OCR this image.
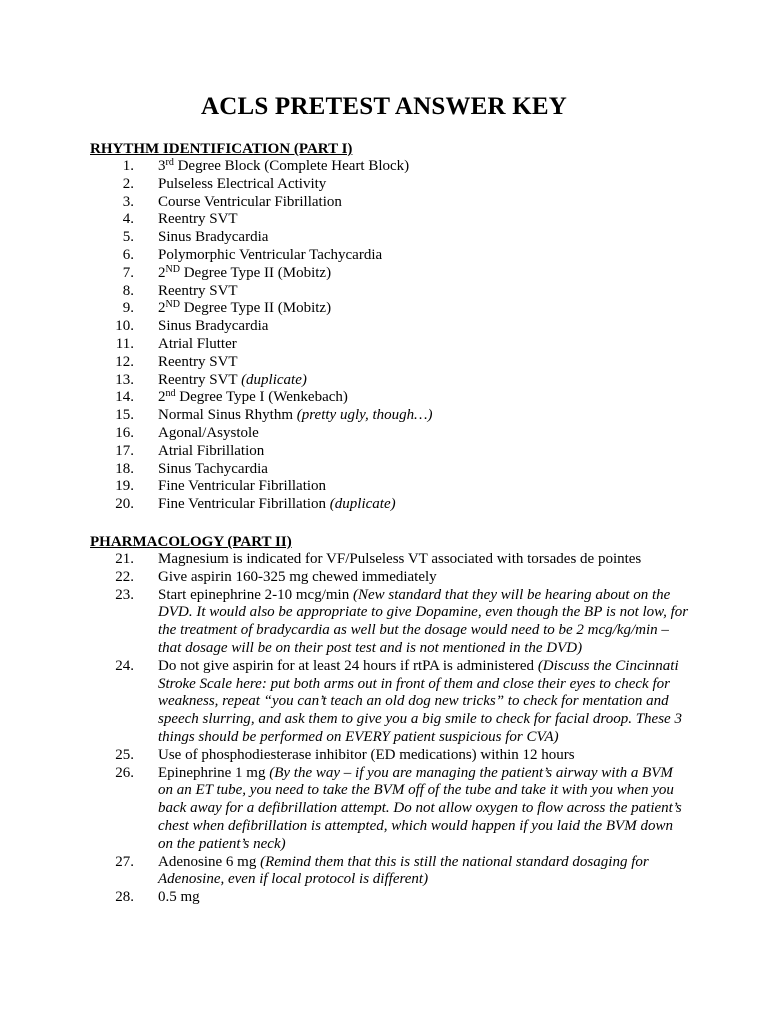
ACLS PRETEST ANSWER KEY
RHYTHM IDENTIFICATION (PART I)
1. 3rd Degree Block (Complete Heart Block)
2. Pulseless Electrical Activity
3. Course Ventricular Fibrillation
4. Reentry SVT
5. Sinus Bradycardia
6. Polymorphic Ventricular Tachycardia
7. 2ND Degree Type II (Mobitz)
8. Reentry SVT
9. 2ND Degree Type II (Mobitz)
10. Sinus Bradycardia
11. Atrial Flutter
12. Reentry SVT
13. Reentry SVT (duplicate)
14. 2nd Degree Type I (Wenkebach)
15. Normal Sinus Rhythm (pretty ugly, though…)
16. Agonal/Asystole
17. Atrial Fibrillation
18. Sinus Tachycardia
19. Fine Ventricular Fibrillation
20. Fine Ventricular Fibrillation (duplicate)
PHARMACOLOGY (PART II)
21. Magnesium is indicated for VF/Pulseless VT associated with torsades de pointes
22. Give aspirin 160-325 mg chewed immediately
23. Start epinephrine 2-10 mcg/min (New standard that they will be hearing about on the DVD. It would also be appropriate to give Dopamine, even though the BP is not low, for the treatment of bradycardia as well but the dosage would need to be 2 mcg/kg/min – that dosage will be on their post test and is not mentioned in the DVD)
24. Do not give aspirin for at least 24 hours if rtPA is administered (Discuss the Cincinnati Stroke Scale here: put both arms out in front of them and close their eyes to check for weakness, repeat “you can’t teach an old dog new tricks” to check for mentation and speech slurring, and ask them to give you a big smile to check for facial droop. These 3 things should be performed on EVERY patient suspicious for CVA)
25. Use of phosphodiesterase inhibitor (ED medications) within 12 hours
26. Epinephrine 1 mg (By the way – if you are managing the patient’s airway with a BVM on an ET tube, you need to take the BVM off of the tube and take it with you when you back away for a defibrillation attempt. Do not allow oxygen to flow across the patient’s chest when defibrillation is attempted, which would happen if you laid the BVM down on the patient’s neck)
27. Adenosine 6 mg (Remind them that this is still the national standard dosaging for Adenosine, even if local protocol is different)
28. 0.5 mg
